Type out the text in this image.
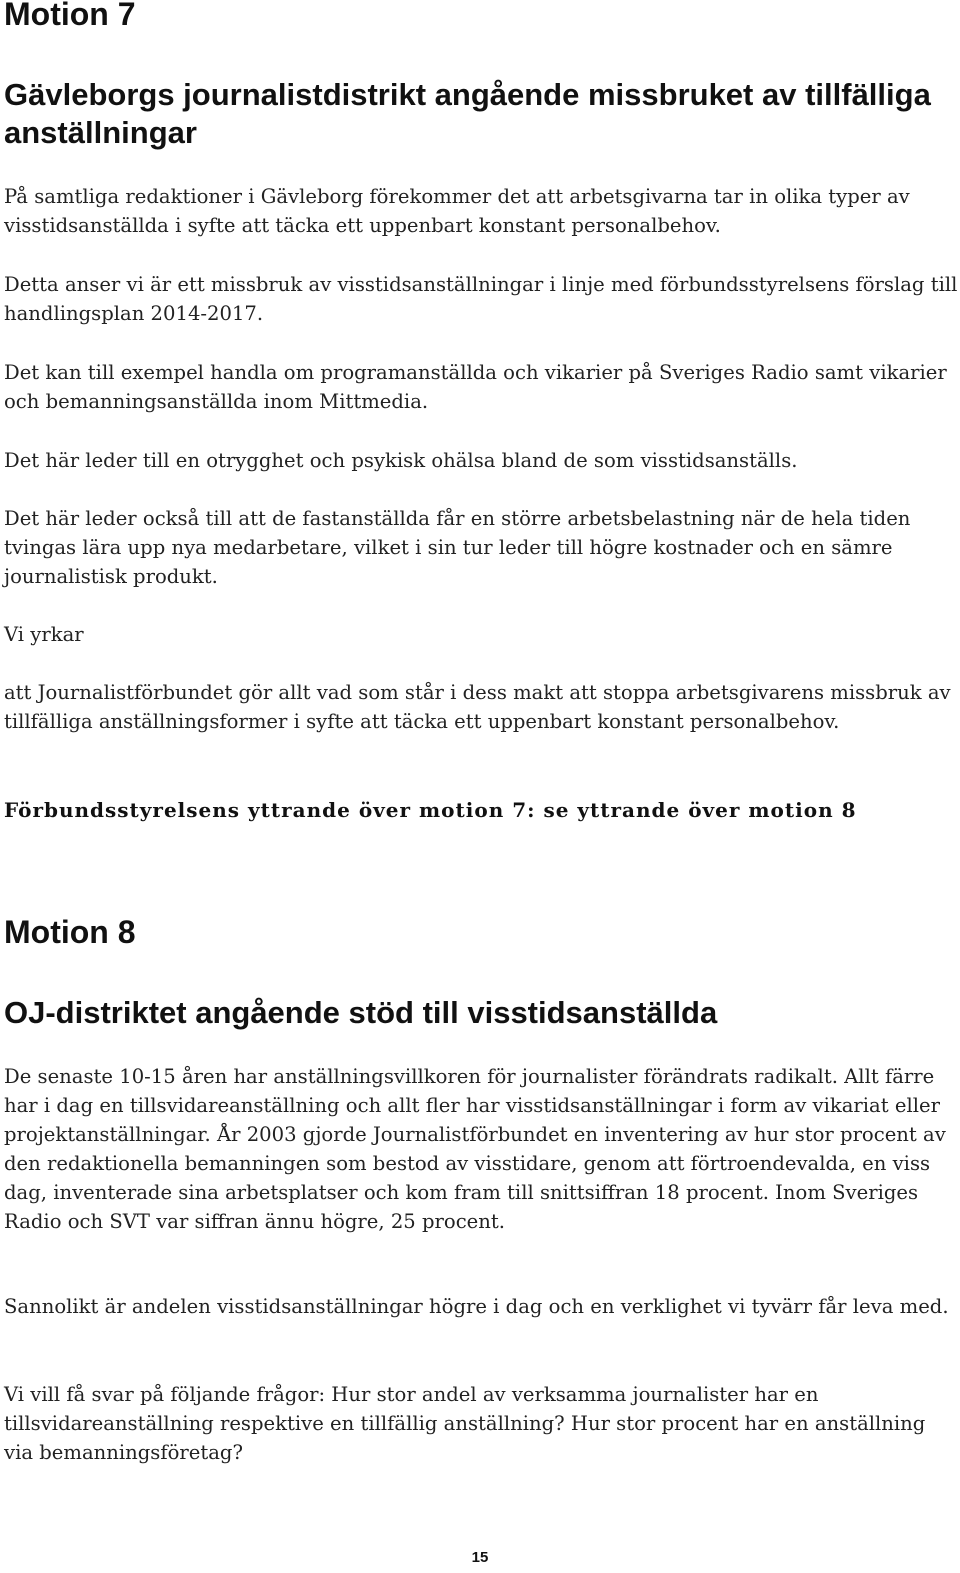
Motion 7
Gävleborgs journalistdistrikt angående missbruket av tillfälliga anställningar

På samtliga redaktioner i Gävleborg förekommer det att arbetsgivarna tar in olika typer av visstidsanställda i syfte att täcka ett uppenbart konstant personalbehov.

Detta anser vi är ett missbruk av visstidsanställningar i linje med förbundsstyrelsens förslag till handlingsplan 2014-2017.

Det kan till exempel handla om programanställda och vikarier på Sveriges Radio samt vikarier och bemanningsanställda inom Mittmedia.

Det här leder till en otrygghet och psykisk ohälsa bland de som visstidsanställs.

Det här leder också till att de fastanställda får en större arbetsbelastning när de hela tiden tvingas lära upp nya medarbetare, vilket i sin tur leder till högre kostnader och en sämre journalistisk produkt.

Vi yrkar

att Journalistförbundet gör allt vad som står i dess makt att stoppa arbetsgivarens missbruk av tillfälliga anställningsformer i syfte att täcka ett uppenbart konstant personalbehov.

Förbundsstyrelsens yttrande över motion 7: se yttrande över motion 8

Motion 8
OJ-distriktet angående stöd till visstidsanställda

De senaste 10-15 åren har anställningsvillkoren för journalister förändrats radikalt. Allt färre har i dag en tillsvidareanställning och allt fler har visstidsanställningar i form av vikariat eller projektanställningar. År 2003 gjorde Journalistförbundet en inventering av hur stor procent av den redaktionella bemanningen som bestod av visstidare, genom att förtroendevalda, en viss dag, inventerade sina arbetsplatser och kom fram till snittsiffran 18 procent. Inom Sveriges Radio och SVT var siffran ännu högre, 25 procent.

Sannolikt är andelen visstidsanställningar högre i dag och en verklighet vi tyvärr får leva med.

Vi vill få svar på följande frågor: Hur stor andel av verksamma journalister har en tillsvidareanställning respektive en tillfällig anställning? Hur stor procent har en anställning via bemanningsföretag?

15
